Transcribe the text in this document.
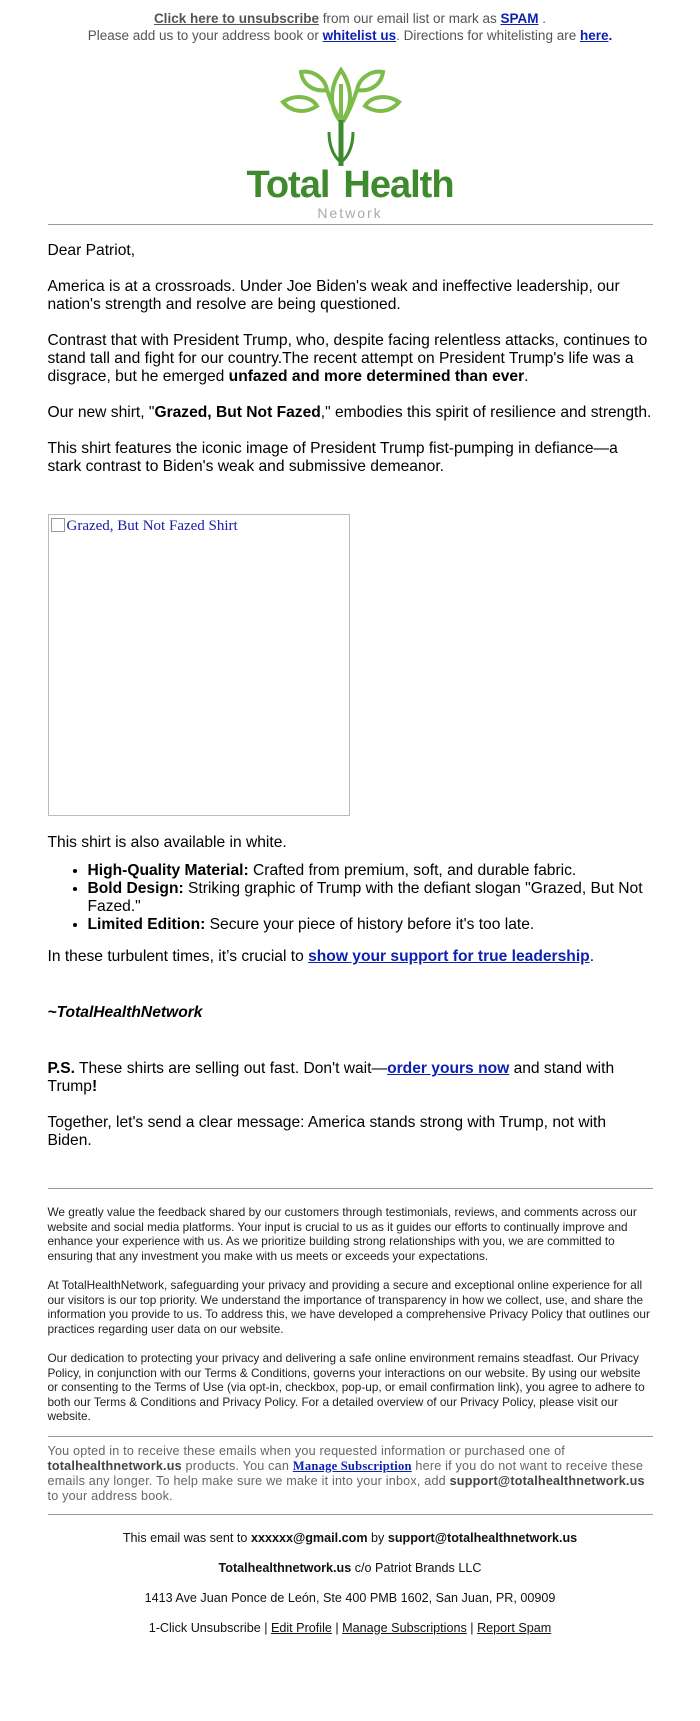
Click here to unsubscribe from our email list or mark as SPAM .
Please add us to your address book or whitelist us. Directions for whitelisting are here.
Total Health
Network

Dear Patriot,

America is at a crossroads. Under Joe Biden's weak and ineffective leadership, our nation's strength and resolve are being questioned.

Contrast that with President Trump, who, despite facing relentless attacks, continues to stand tall and fight for our country.The recent attempt on President Trump's life was a disgrace, but he emerged unfazed and more determined than ever.

Our new shirt, "Grazed, But Not Fazed," embodies this spirit of resilience and strength.

This shirt features the iconic image of President Trump fist-pumping in defiance—a stark contrast to Biden's weak and submissive demeanor.

Grazed, But Not Fazed Shirt

This shirt is also available in white.

• High-Quality Material: Crafted from premium, soft, and durable fabric.
• Bold Design: Striking graphic of Trump with the defiant slogan "Grazed, But Not Fazed."
• Limited Edition: Secure your piece of history before it's too late.

In these turbulent times, it’s crucial to show your support for true leadership.

~TotalHealthNetwork

P.S. These shirts are selling out fast. Don't wait—order yours now and stand with Trump!

Together, let's send a clear message: America stands strong with Trump, not with Biden.

We greatly value the feedback shared by our customers through testimonials, reviews, and comments across our website and social media platforms. Your input is crucial to us as it guides our efforts to continually improve and enhance your experience with us. As we prioritize building strong relationships with you, we are committed to ensuring that any investment you make with us meets or exceeds your expectations.

At TotalHealthNetwork, safeguarding your privacy and providing a secure and exceptional online experience for all our visitors is our top priority. We understand the importance of transparency in how we collect, use, and share the information you provide to us. To address this, we have developed a comprehensive Privacy Policy that outlines our practices regarding user data on our website.

Our dedication to protecting your privacy and delivering a safe online environment remains steadfast. Our Privacy Policy, in conjunction with our Terms & Conditions, governs your interactions on our website. By using our website or consenting to the Terms of Use (via opt-in, checkbox, pop-up, or email confirmation link), you agree to adhere to both our Terms & Conditions and Privacy Policy. For a detailed overview of our Privacy Policy, please visit our website.

You opted in to receive these emails when you requested information or purchased one of totalhealthnetwork.us products. You can Manage Subscription here if you do not want to receive these emails any longer. To help make sure we make it into your inbox, add support@totalhealthnetwork.us to your address book.
This email was sent to xxxxxx@gmail.com by support@totalhealthnetwork.us
Totalhealthnetwork.us c/o Patriot Brands LLC
1413 Ave Juan Ponce de León, Ste 400 PMB 1602, San Juan, PR, 00909
1-Click Unsubscribe | Edit Profile | Manage Subscriptions | Report Spam
